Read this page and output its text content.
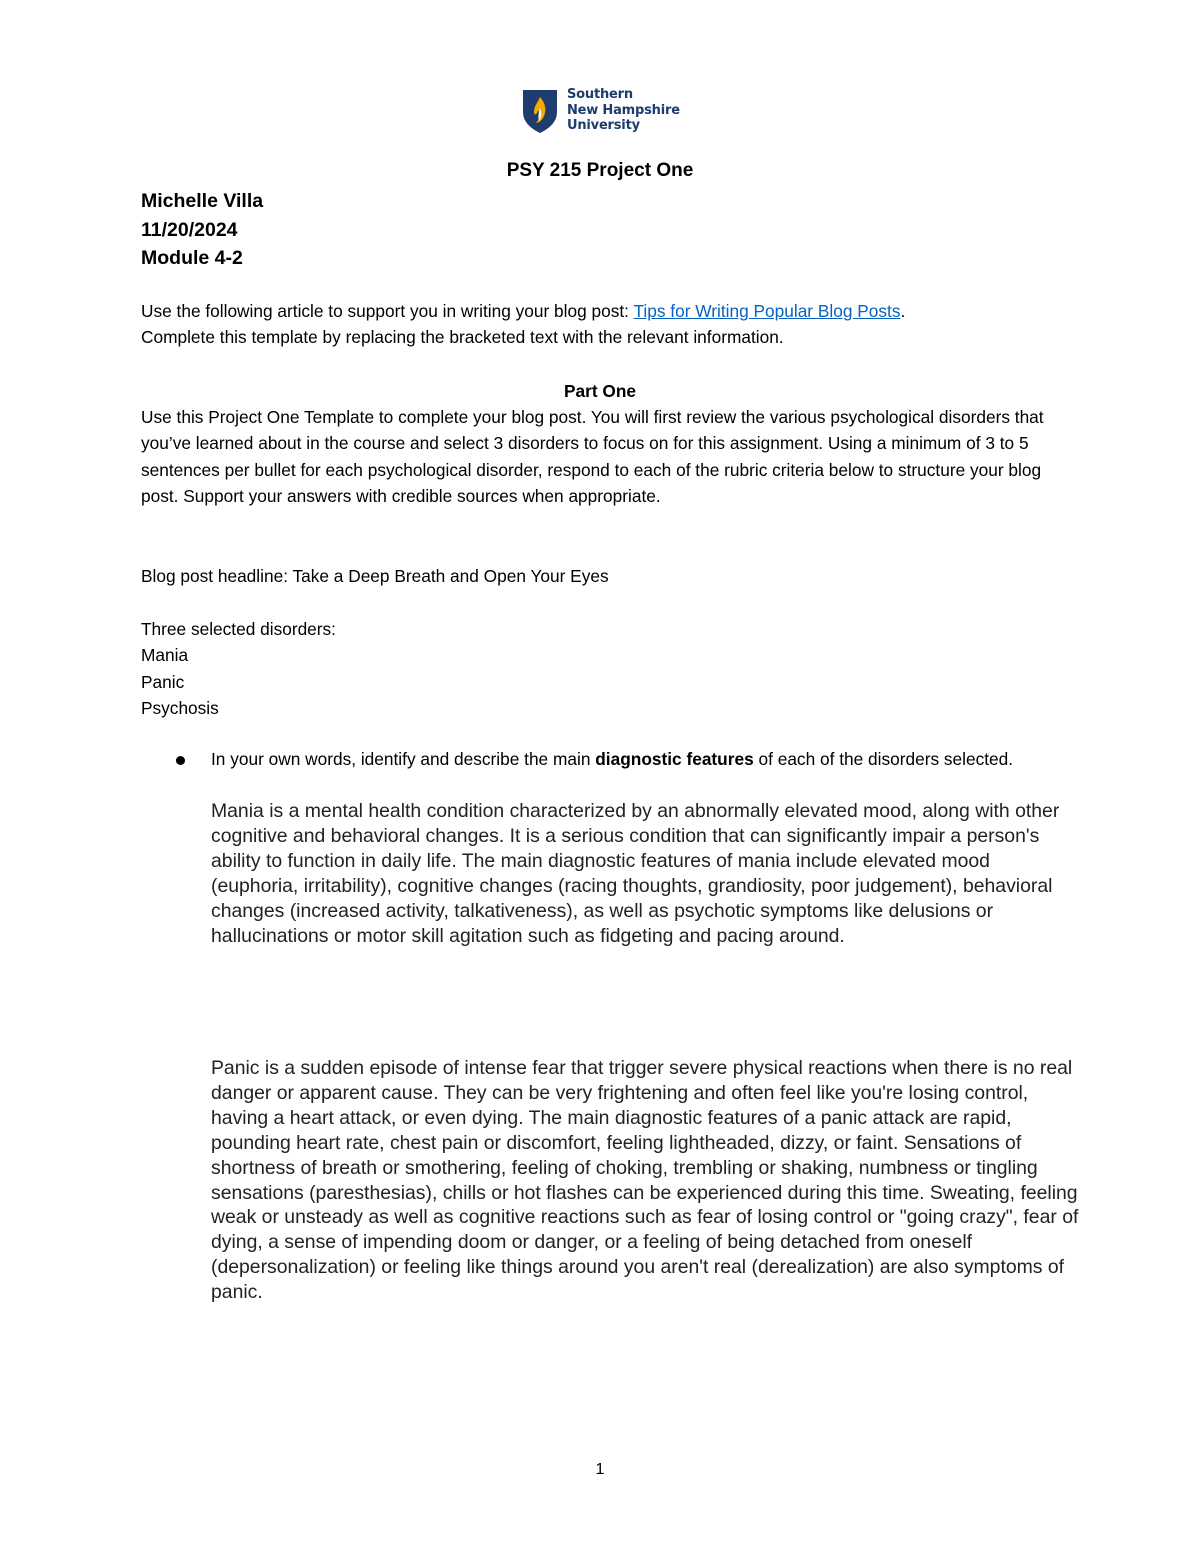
Southern
New Hampshire
University
PSY 215 Project One
Michelle Villa
11/20/2024
Module 4-2
Use the following article to support you in writing your blog post: Tips for Writing Popular Blog Posts.
Complete this template by replacing the bracketed text with the relevant information.
Part One
Use this Project One Template to complete your blog post. You will first review the various psychological disorders that you’ve learned about in the course and select 3 disorders to focus on for this assignment. Using a minimum of 3 to 5 sentences per bullet for each psychological disorder, respond to each of the rubric criteria below to structure your blog post. Support your answers with credible sources when appropriate.
Blog post headline: Take a Deep Breath and Open Your Eyes
Three selected disorders:
Mania
Panic
Psychosis
In your own words, identify and describe the main diagnostic features of each of the disorders selected.
Mania is a mental health condition characterized by an abnormally elevated mood, along with other cognitive and behavioral changes. It is a serious condition that can significantly impair a person's ability to function in daily life. The main diagnostic features of mania include elevated mood (euphoria, irritability), cognitive changes (racing thoughts, grandiosity, poor judgement), behavioral changes (increased activity, talkativeness), as well as psychotic symptoms like delusions or hallucinations or motor skill agitation such as fidgeting and pacing around.
Panic is a sudden episode of intense fear that trigger severe physical reactions when there is no real danger or apparent cause. They can be very frightening and often feel like you're losing control, having a heart attack, or even dying. The main diagnostic features of a panic attack are rapid, pounding heart rate, chest pain or discomfort, feeling lightheaded, dizzy, or faint. Sensations of shortness of breath or smothering, feeling of choking, trembling or shaking, numbness or tingling sensations (paresthesias), chills or hot flashes can be experienced during this time. Sweating, feeling weak or unsteady as well as cognitive reactions such as fear of losing control or "going crazy", fear of dying, a sense of impending doom or danger, or a feeling of being detached from oneself (depersonalization) or feeling like things around you aren't real (derealization) are also symptoms of panic.
1
